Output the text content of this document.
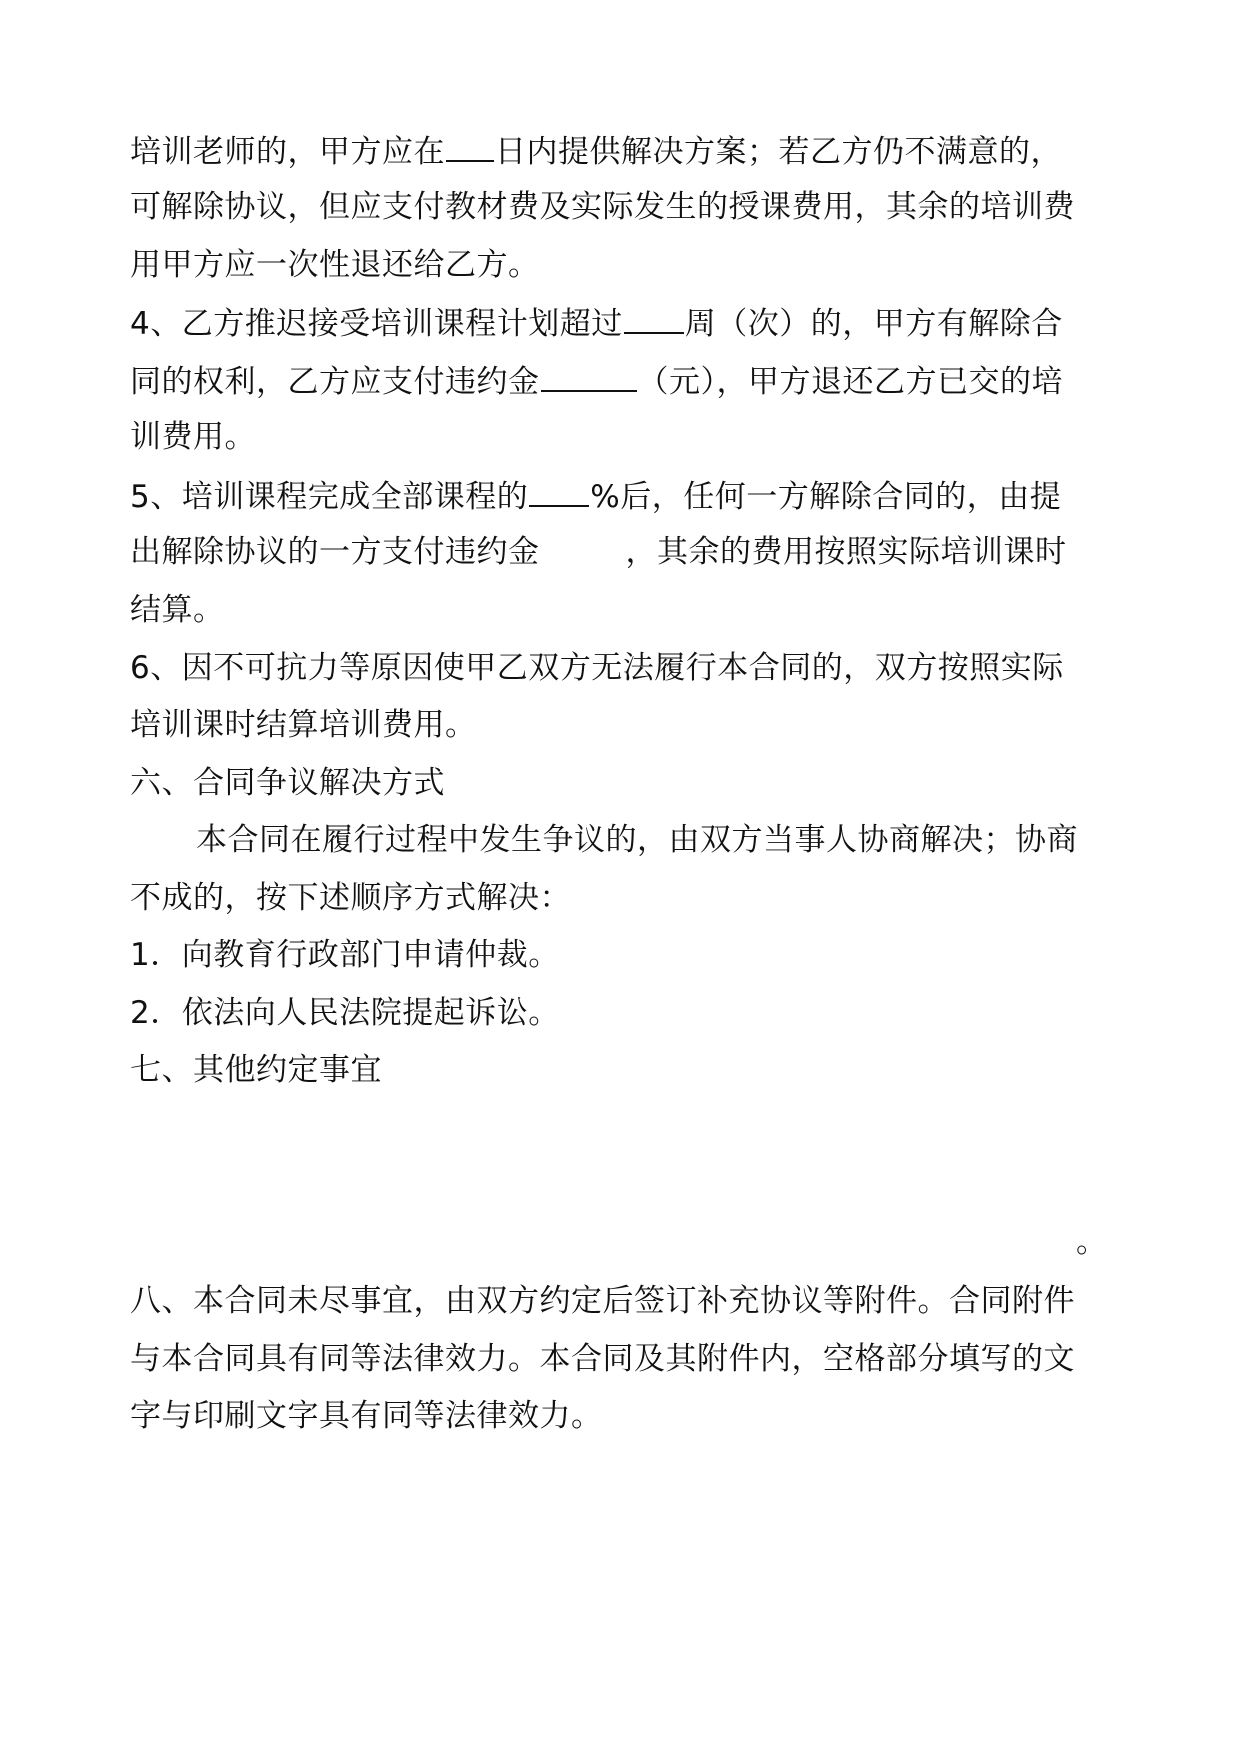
培训老师的，甲方应在 日内提供解决方案；若乙方仍不满意的，
可解除协议，但应支付教材费及实际发生的授课费用，其余的培训费
用甲方应一次性退还给乙方。
4、乙方推迟接受培训课程计划超过 周（次）的，甲方有解除合
同的权利，乙方应支付违约金	（元），甲方退还乙方已交的培
训费用。
5、培训课程完成全部课程的 %后，任何一方解除合同的，由提
出解除协议的一方支付违约金	，其余的费用按照实际培训课时
结算。
6、因不可抗力等原因使甲乙双方无法履行本合同的，双方按照实际
培训课时结算培训费用。
六、合同争议解决方式
本合同在履行过程中发生争议的，由双方当事人协商解决；协商
不成的，按下述顺序方式解决：
1．向教育行政部门申请仲裁。
2．依法向人民法院提起诉讼。
七、其他约定事宜
。
八、本合同未尽事宜，由双方约定后签订补充协议等附件。合同附件
与本合同具有同等法律效力。本合同及其附件内，空格部分填写的文
字与印刷文字具有同等法律效力。
